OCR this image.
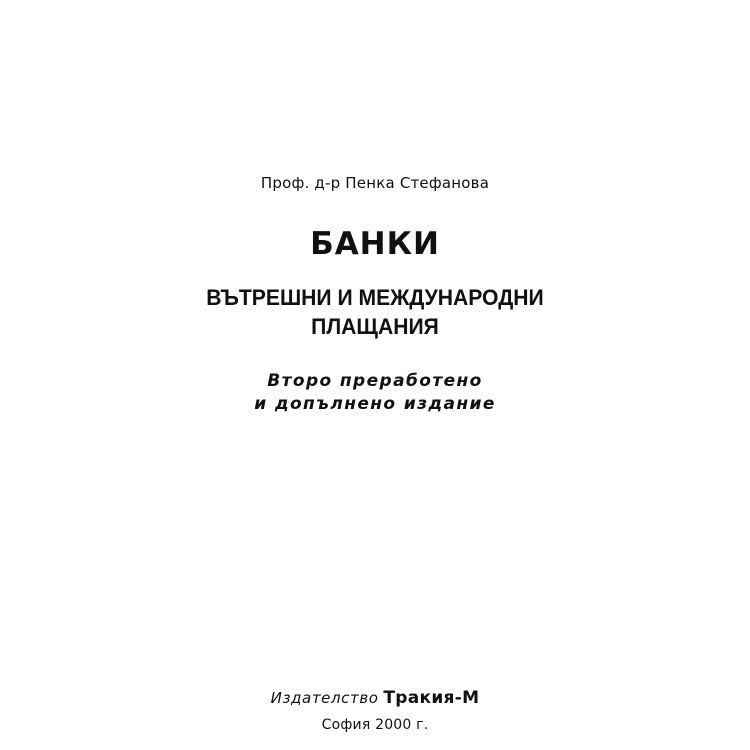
Проф. д-р Пенка Стефанова
БАНКИ
ВЪТРЕШНИ И МЕЖДУНАРОДНИ
ПЛАЩАНИЯ
Второ преработено
и допълнено издание
Издателство Тракия-М
София 2000 г.
